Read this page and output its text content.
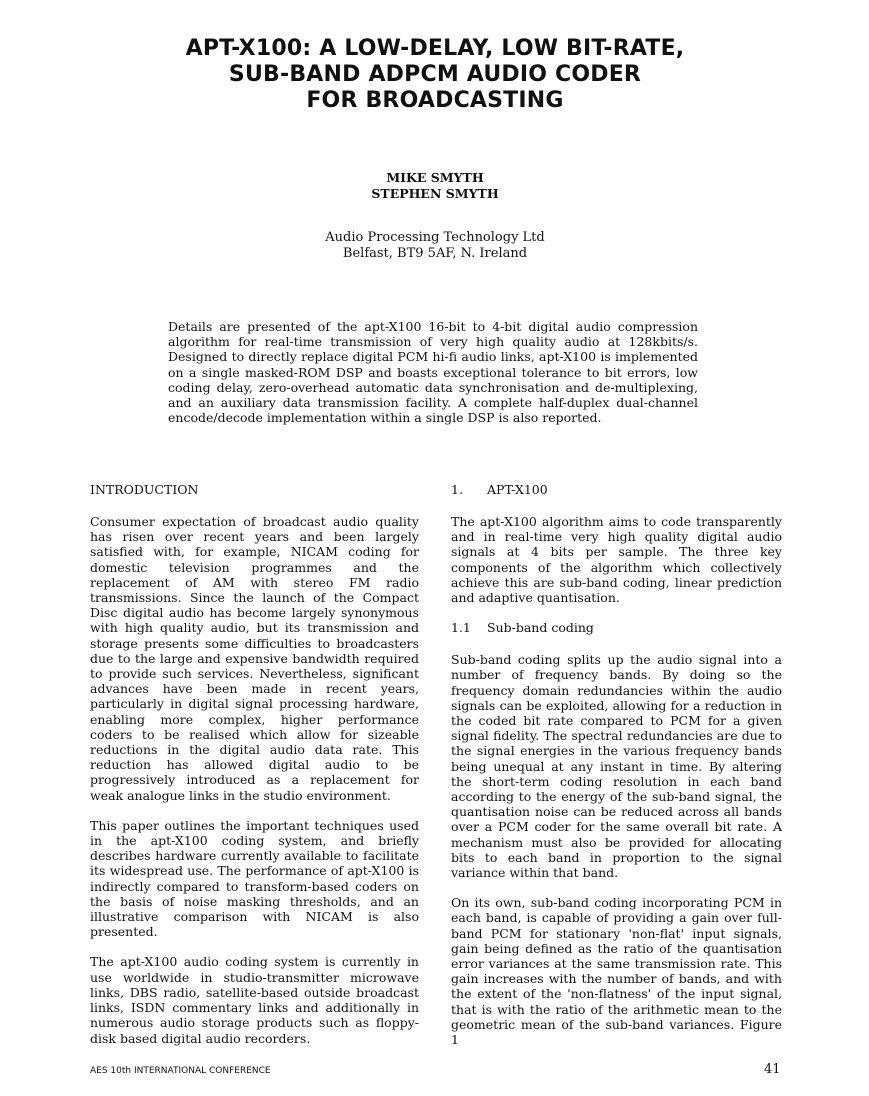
APT-X100: A LOW-DELAY, LOW BIT-RATE,
SUB-BAND ADPCM AUDIO CODER
FOR BROADCASTING
MIKE SMYTH
STEPHEN SMYTH
Audio Processing Technology Ltd
Belfast, BT9 5AF, N. Ireland

Details are presented of the apt-X100 16-bit to 4-bit digital audio compression algorithm for real-time transmission of very high quality audio at 128kbits/s. Designed to directly replace digital PCM hi-fi audio links, apt-X100 is implemented on a single masked-ROM DSP and boasts exceptional tolerance to bit errors, low coding delay, zero-overhead automatic data synchronisation and de-multiplexing, and an auxiliary data transmission facility. A complete half-duplex dual-channel encode/decode implementation within a single DSP is also reported.

INTRODUCTION

Consumer expectation of broadcast audio quality has risen over recent years and been largely satisfied with, for example, NICAM coding for domestic television programmes and the replacement of AM with stereo FM radio transmissions. Since the launch of the Compact Disc digital audio has become largely synonymous with high quality audio, but its transmission and storage presents some difficulties to broadcasters due to the large and expensive bandwidth required to provide such services. Nevertheless, significant advances have been made in recent years, particularly in digital signal processing hardware, enabling more complex, higher performance coders to be realised which allow for sizeable reductions in the digital audio data rate. This reduction has allowed digital audio to be progressively introduced as a replacement for weak analogue links in the studio environment.

This paper outlines the important techniques used in the apt-X100 coding system, and briefly describes hardware currently available to facilitate its widespread use. The performance of apt-X100 is indirectly compared to transform-based coders on the basis of noise masking thresholds, and an illustrative comparison with NICAM is also presented.

The apt-X100 audio coding system is currently in use worldwide in studio-transmitter microwave links, DBS radio, satellite-based outside broadcast links, ISDN commentary links and additionally in numerous audio storage products such as floppy-disk based digital audio recorders.

1. APT-X100

The apt-X100 algorithm aims to code transparently and in real-time very high quality digital audio signals at 4 bits per sample. The three key components of the algorithm which collectively achieve this are sub-band coding, linear prediction and adaptive quantisation.

1.1 Sub-band coding

Sub-band coding splits up the audio signal into a number of frequency bands. By doing so the frequency domain redundancies within the audio signals can be exploited, allowing for a reduction in the coded bit rate compared to PCM for a given signal fidelity. The spectral redundancies are due to the signal energies in the various frequency bands being unequal at any instant in time. By altering the short-term coding resolution in each band according to the energy of the sub-band signal, the quantisation noise can be reduced across all bands over a PCM coder for the same overall bit rate. A mechanism must also be provided for allocating bits to each band in proportion to the signal variance within that band.

On its own, sub-band coding incorporating PCM in each band, is capable of providing a gain over full-band PCM for stationary 'non-flat' input signals, gain being defined as the ratio of the quantisation error variances at the same transmission rate. This gain increases with the number of bands, and with the extent of the 'non-flatness' of the input signal, that is with the ratio of the arithmetic mean to the geometric mean of the sub-band variances. Figure 1

AES 10th INTERNATIONAL CONFERENCE	41
